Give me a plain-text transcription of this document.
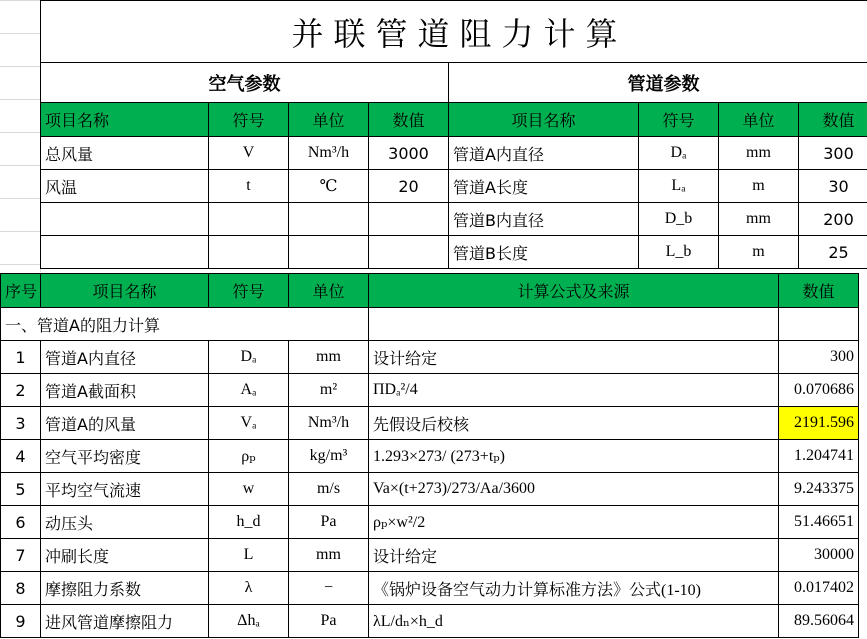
并联管道阻力计算							
空气参数				管道参数			
项目名称	符号	单位	数值	项目名称	符号	单位	数值
总风量	V	Nm³/h	3000	管道A内直径	Dₐ	mm	300
风温	t	℃	20	管道A长度	Lₐ	m	30
				管道B内直径	D_b	mm	200
				管道B长度	L_b	m	25
序号	项目名称	符号	单位	计算公式及来源	数值
一、管道A的阻力计算					
1	管道A内直径	Dₐ	mm	设计给定	300
2	管道A截面积	Aₐ	m²	ΠDₐ²/4	0.070686
3	管道A的风量	Vₐ	Nm³/h	先假设后校核	2191.596
4	空气平均密度	ρₚ	kg/m³	1.293×273/ (273+tₚ)	1.204741
5	平均空气流速	w	m/s	Va×(t+273)/273/Aa/3600	9.243375
6	动压头	h_d	Pa	ρₚ×w²/2	51.46651
7	冲刷长度	L	mm	设计给定	30000
8	摩擦阻力系数	λ	−	《锅炉设备空气动力计算标准方法》公式(1-10)	0.017402
9	进风管道摩擦阻力	Δhₐ	Pa	λL/dₙ×h_d	89.56064
